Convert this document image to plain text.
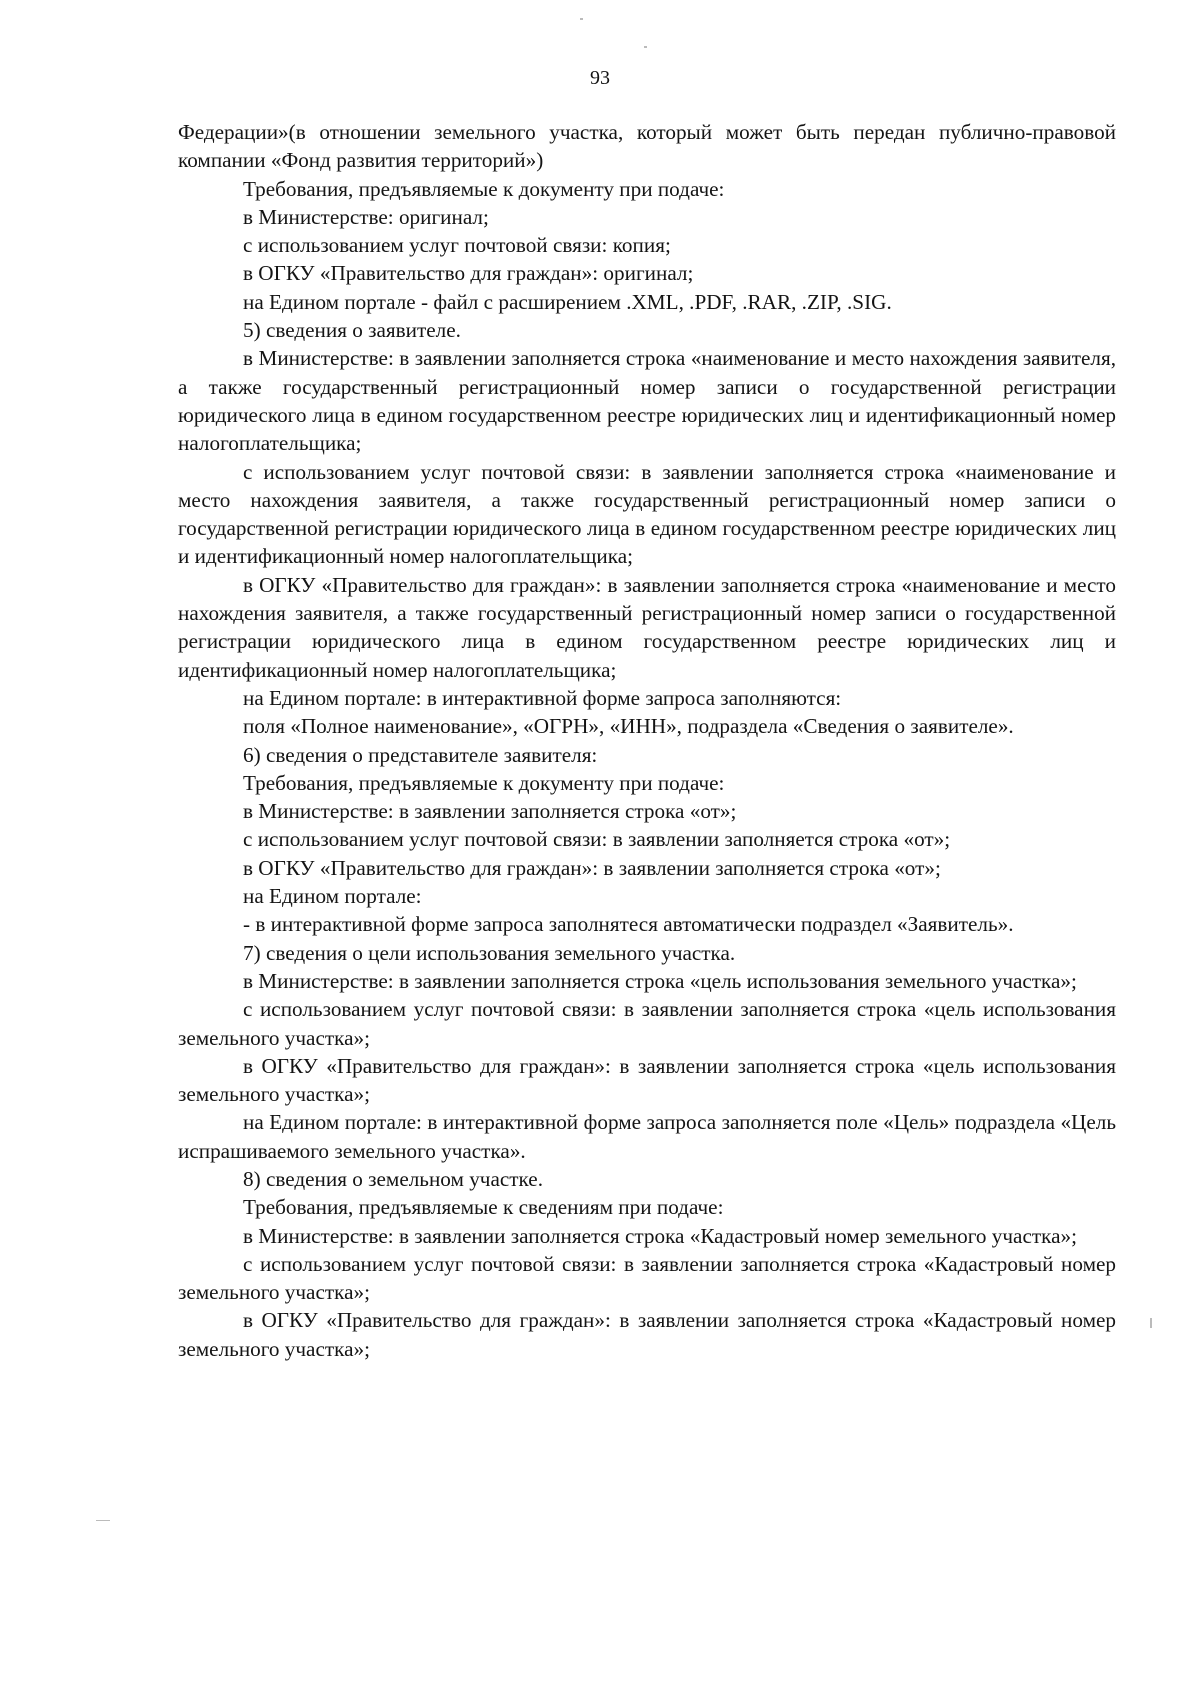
93

Федерации»(в отношении земельного участка, который может быть передан публично-правовой компании «Фонд развития территорий»)

Требования, предъявляемые к документу при подаче:

в Министерстве: оригинал;

с использованием услуг почтовой связи: копия;

в ОГКУ «Правительство для граждан»: оригинал;

на Едином портале - файл с расширением .XML, .PDF, .RAR, .ZIP, .SIG.

5) сведения о заявителе.

в Министерстве: в заявлении заполняется строка «наименование и место нахождения заявителя, а также государственный регистрационный номер записи о государственной регистрации юридического лица в едином государственном реестре юридических лиц и идентификационный номер налогоплательщика;

с использованием услуг почтовой связи: в заявлении заполняется строка «наименование и место нахождения заявителя, а также государственный регистрационный номер записи о государственной регистрации юридического лица в едином государственном реестре юридических лиц и идентификационный номер налогоплательщика;

в ОГКУ «Правительство для граждан»: в заявлении заполняется строка «наименование и место нахождения заявителя, а также государственный регистрационный номер записи о государственной регистрации юридического лица в едином государственном реестре юридических лиц и идентификационный номер налогоплательщика;

на Едином портале: в интерактивной форме запроса заполняются:

поля «Полное наименование», «ОГРН», «ИНН», подраздела «Сведения о заявителе».

6) сведения о представителе заявителя:

Требования, предъявляемые к документу при подаче:

в Министерстве: в заявлении заполняется строка «от»;

с использованием услуг почтовой связи: в заявлении заполняется строка «от»;

в ОГКУ «Правительство для граждан»: в заявлении заполняется строка «от»;

на Едином портале:

- в интерактивной форме запроса заполнятеся автоматически подраздел «Заявитель».

7) сведения о цели использования земельного участка.

в Министерстве: в заявлении заполняется строка «цель использования земельного участка»;

с использованием услуг почтовой связи: в заявлении заполняется строка «цель использования земельного участка»;

в ОГКУ «Правительство для граждан»: в заявлении заполняется строка «цель использования земельного участка»;

на Едином портале: в интерактивной форме запроса заполняется поле «Цель» подраздела «Цель испрашиваемого земельного участка».

8) сведения о земельном участке.

Требования, предъявляемые к сведениям при подаче:

в Министерстве: в заявлении заполняется строка «Кадастровый номер земельного участка»;

с использованием услуг почтовой связи: в заявлении заполняется строка «Кадастровый номер земельного участка»;

в ОГКУ «Правительство для граждан»: в заявлении заполняется строка «Кадастровый номер земельного участка»;
